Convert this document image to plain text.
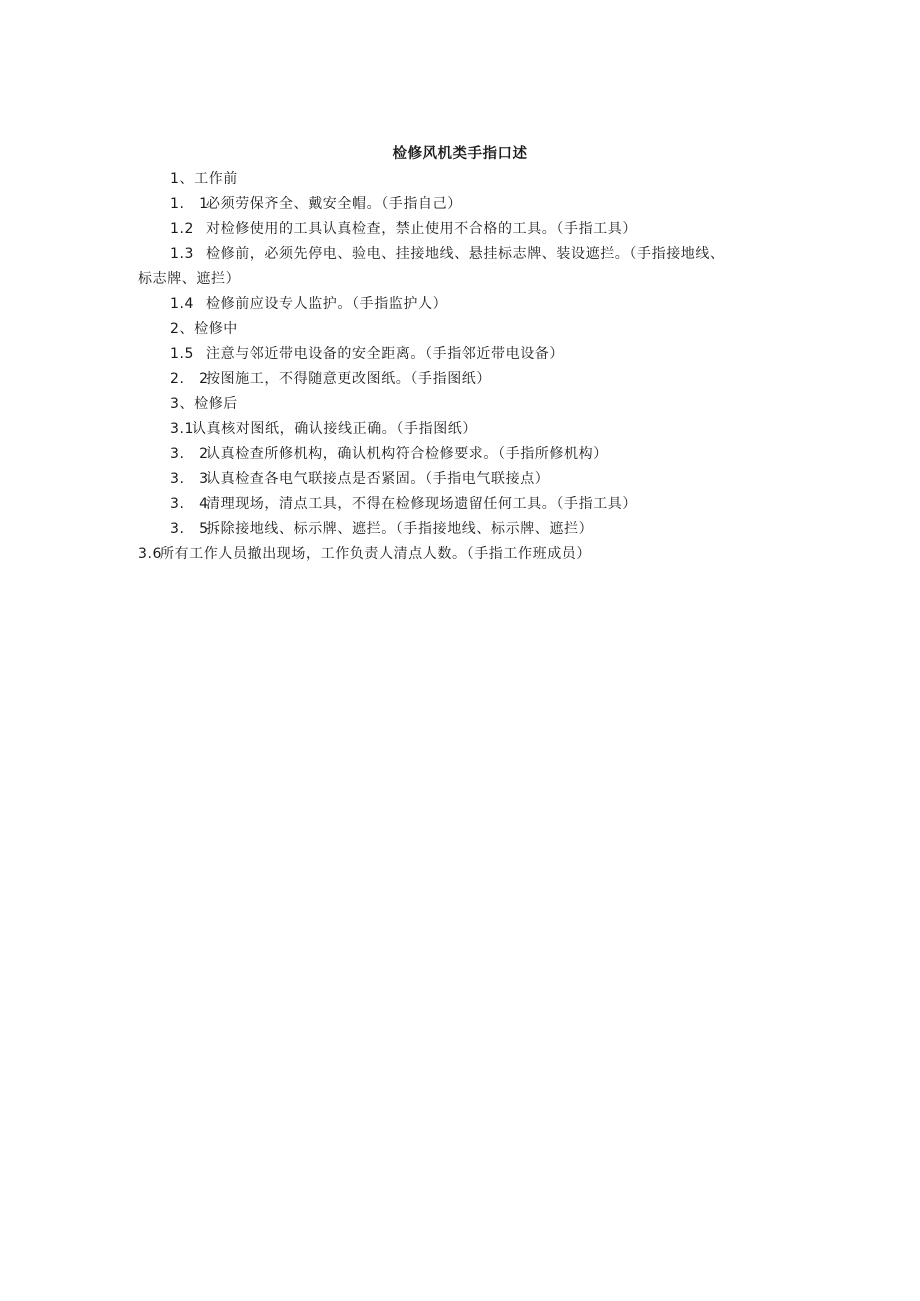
检修风机类手指口述
1、工作前
1.　1必须劳保齐全、戴安全帽。（手指自己）
1.2 对检修使用的工具认真检查，禁止使用不合格的工具。（手指工具）
1.3 检修前，必须先停电、验电、挂接地线、悬挂标志牌、装设遮拦。（手指接地线、
标志牌、遮拦）
1.4 检修前应设专人监护。（手指监护人）
2、检修中
1.5 注意与邻近带电设备的安全距离。（手指邻近带电设备）
2.　2按图施工，不得随意更改图纸。（手指图纸）
3、检修后
3.1认真核对图纸，确认接线正确。（手指图纸）
3.　2认真检查所修机构，确认机构符合检修要求。（手指所修机构）
3.　3认真检查各电气联接点是否紧固。（手指电气联接点）
3.　4清理现场，清点工具，不得在检修现场遗留任何工具。（手指工具）
3.　5拆除接地线、标示牌、遮拦。（手指接地线、标示牌、遮拦）
3.6所有工作人员撤出现场，工作负责人清点人数。（手指工作班成员）
